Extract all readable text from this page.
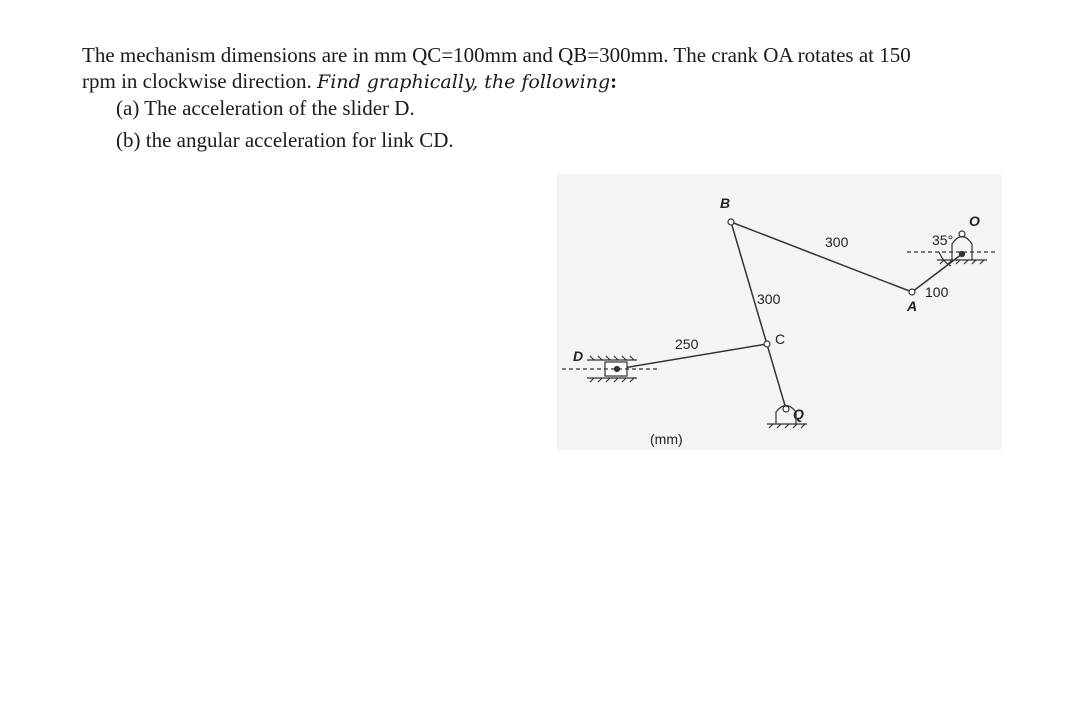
The mechanism dimensions are in mm QC=100mm and QB=300mm. The crank OA rotates at 150

rpm in clockwise direction. Find graphically, the following:

(a) The acceleration of the slider D.
(b) the angular acceleration for link CD.
B
O
A
C
Q
D
300
300
250
100
35°
(mm)
